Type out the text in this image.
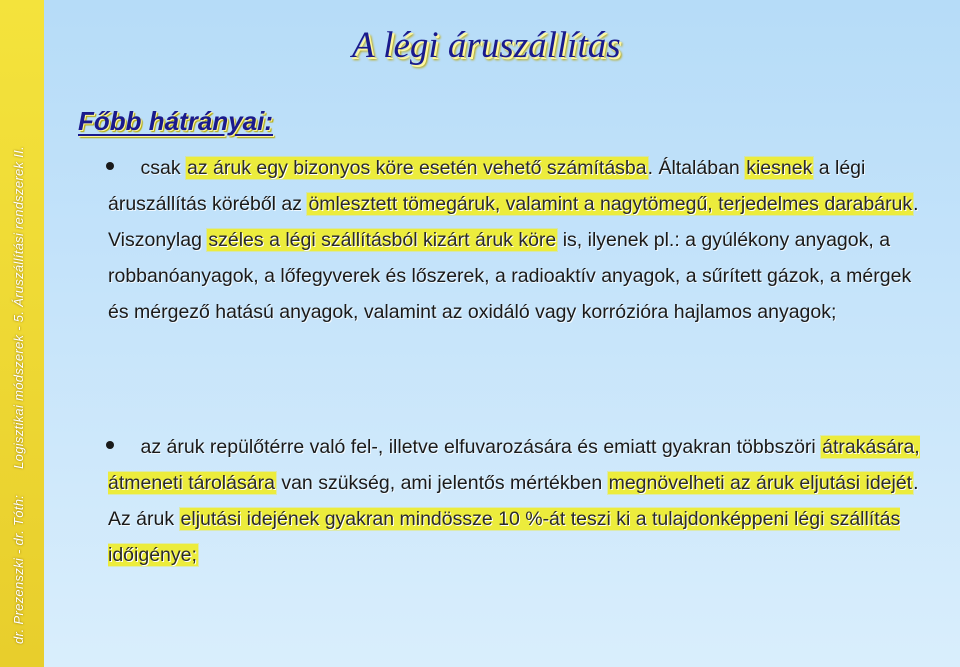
dr. Prezenszki - dr. Tóth:Logisztikai módszerek - 5. Áruszállítási rendszerek II.
A légi áruszállítás
Főbb hátrányai:

csak az áruk egy bizonyos köre esetén vehető számításba. Általában kiesnek a légi áruszállítás köréből az ömlesztett tömegáruk, valamint a nagytömegű, terjedelmes darabáruk. Viszonylag széles a légi szállításból kizárt áruk köre is, ilyenek pl.: a gyúlékony anyagok, a robbanóanyagok, a lőfegyverek és lőszerek, a radioaktív anyagok, a sűrített gázok, a mérgek és mérgező hatású anyagok, valamint az oxidáló vagy korrózióra hajlamos anyagok;

az áruk repülőtérre való fel-, illetve elfuvarozására és emiatt gyakran többszöri átrakására, átmeneti tárolására van szükség, ami jelentős mértékben megnövelheti az áruk eljutási idejét. Az áruk eljutási idejének gyakran mindössze 10 %-át teszi ki a tulajdonképpeni légi szállítás időigénye;
